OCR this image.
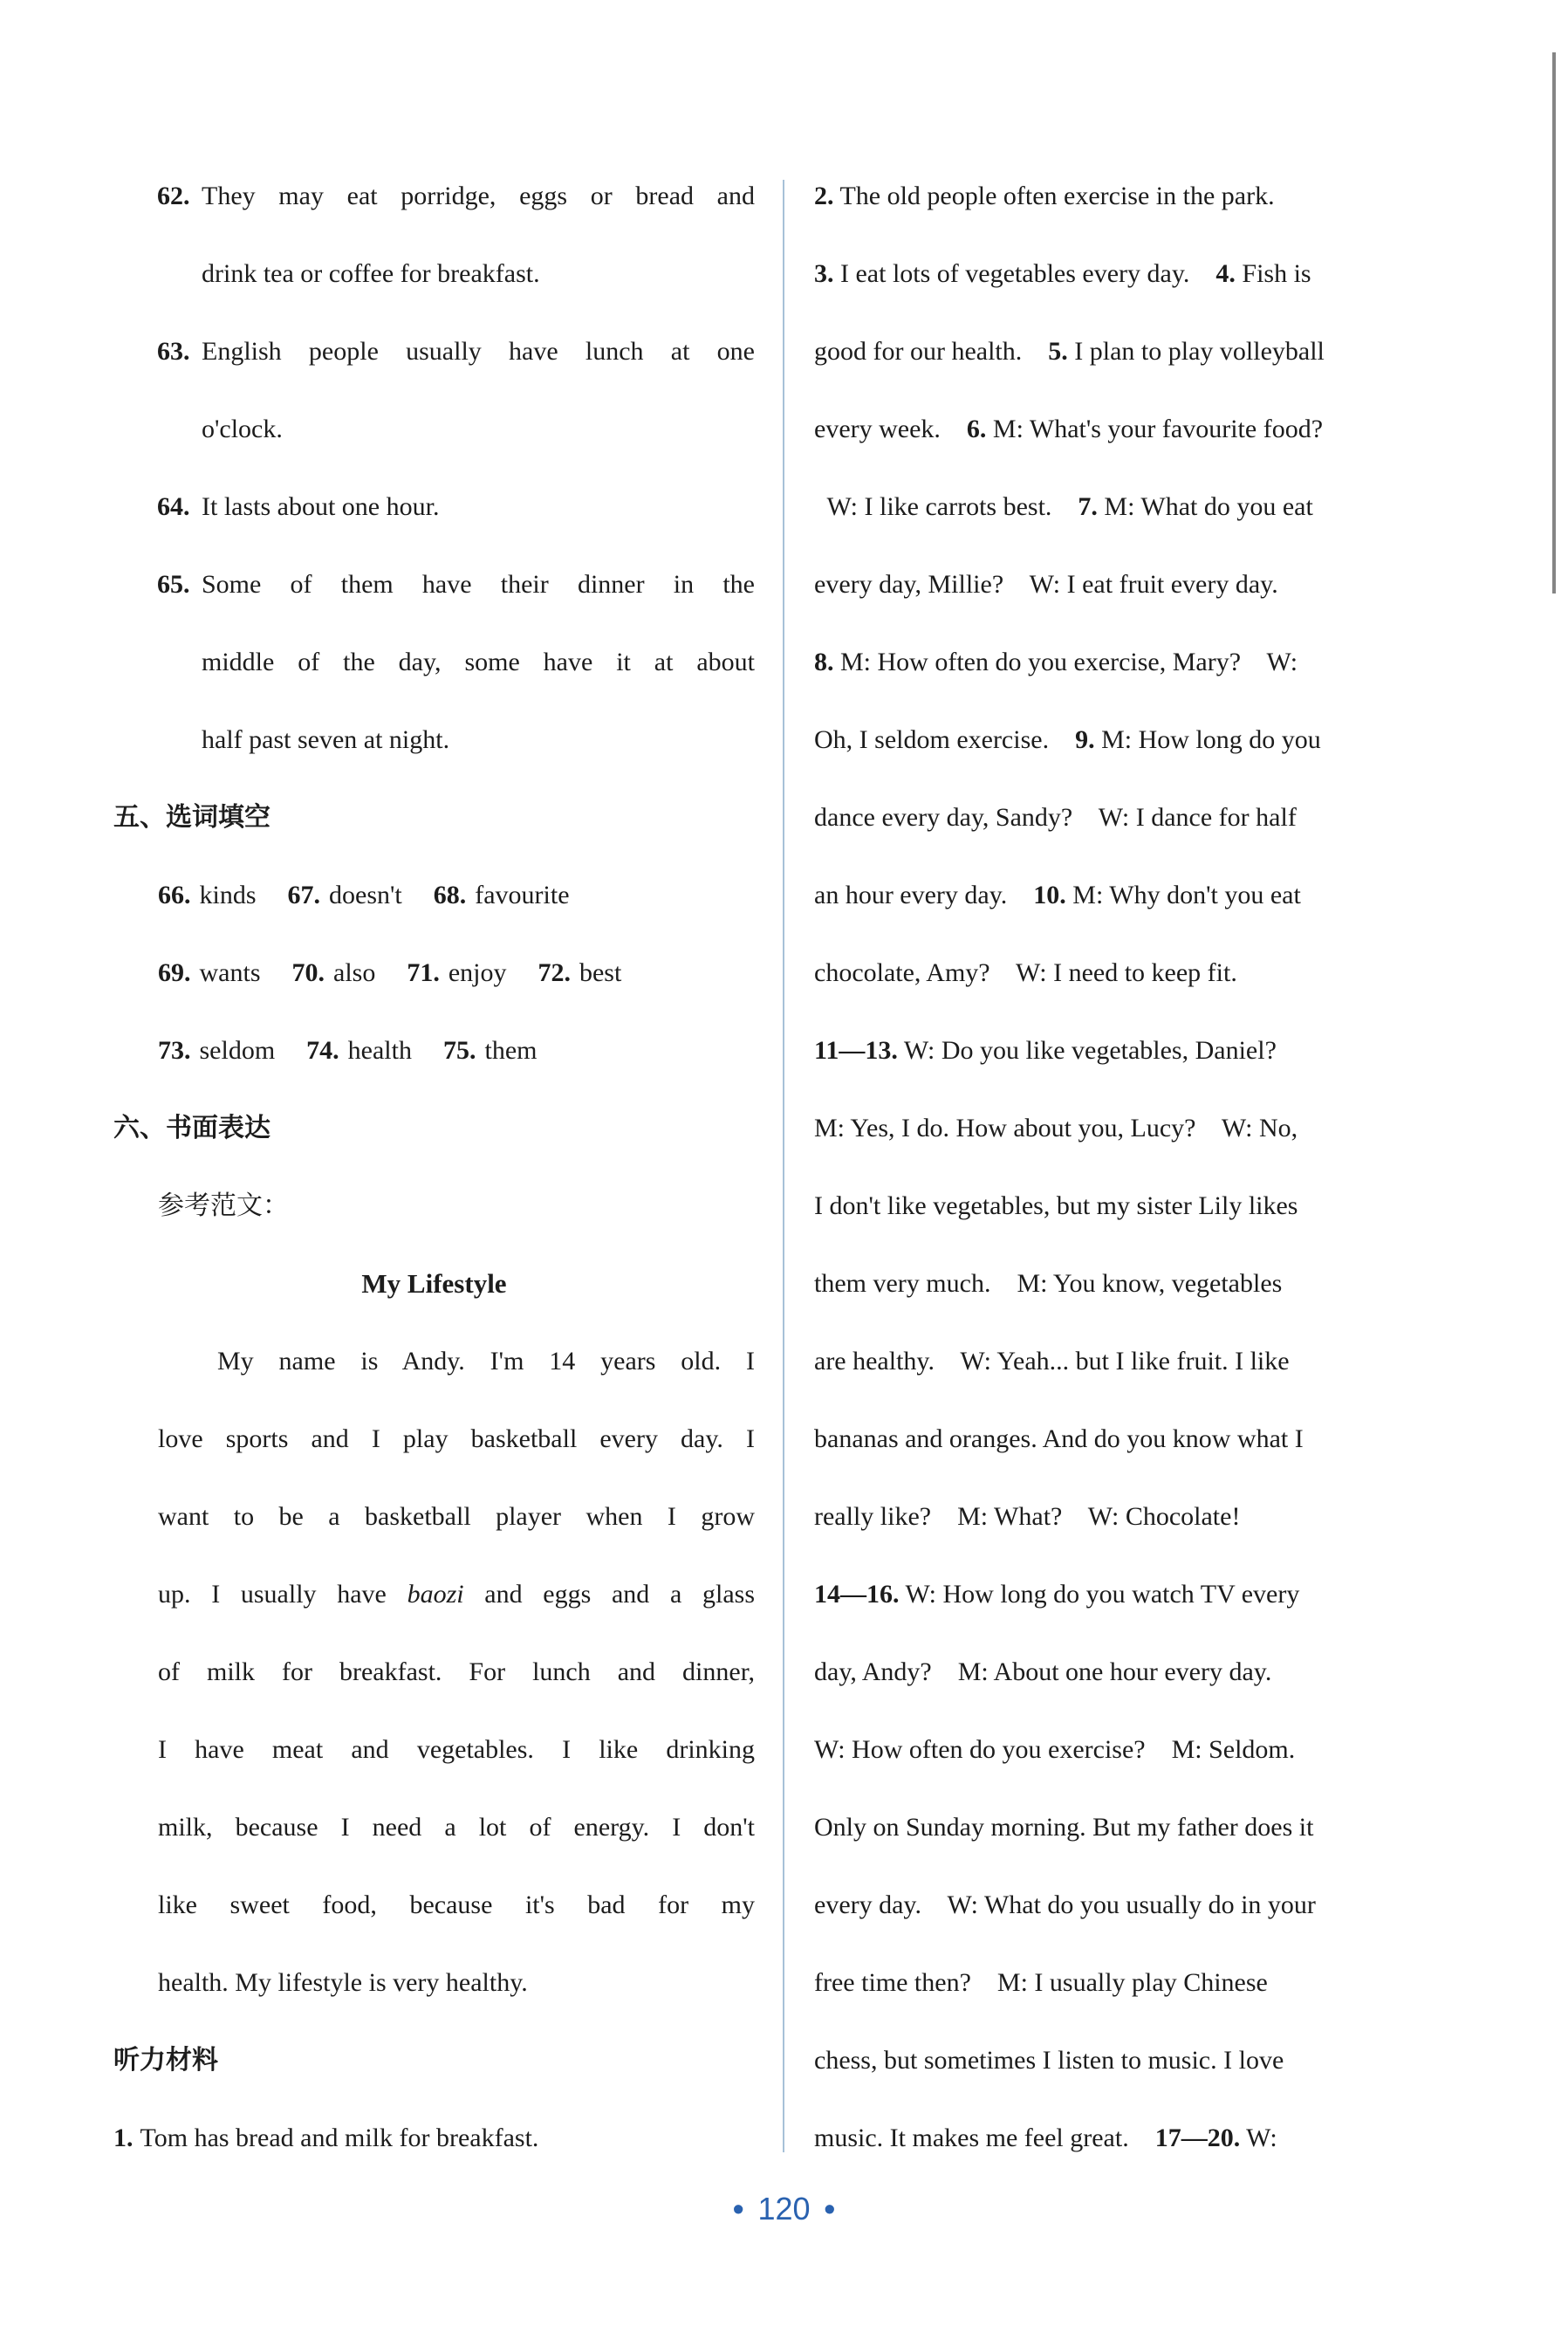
62. They may eat porridge, eggs or bread and
drink tea or coffee for breakfast.
63. English people usually have lunch at one
o'clock.
64. It lasts about one hour.
65. Some of them have their dinner in the
middle of the day, some have it at about
half past seven at night.
五、选词填空
66. kinds 67. doesn't 68. favourite
69. wants 70. also 71. enjoy 72. best
73. seldom 74. health 75. them
六、书面表达
参考范文：
My Lifestyle
My name is Andy. I'm 14 years old. I
love sports and I play basketball every day. I
want to be a basketball player when I grow
up. I usually have baozi and eggs and a glass
of milk for breakfast. For lunch and dinner,
I have meat and vegetables. I like drinking
milk, because I need a lot of energy. I don't
like sweet food, because it's bad for my
health. My lifestyle is very healthy.
听力材料
1. Tom has bread and milk for breakfast.
2. The old people often exercise in the park.
3. I eat lots of vegetables every day.    4. Fish is
good for our health.    5. I plan to play volleyball
every week.    6. M: What's your favourite food?
W: I like carrots best.    7. M: What do you eat
every day, Millie?    W: I eat fruit every day.
8. M: How often do you exercise, Mary?    W:
Oh, I seldom exercise.    9. M: How long do you
dance every day, Sandy?    W: I dance for half
an hour every day.    10. M: Why don't you eat
chocolate, Amy?    W: I need to keep fit.
11—13. W: Do you like vegetables, Daniel?
M: Yes, I do. How about you, Lucy?    W: No,
I don't like vegetables, but my sister Lily likes
them very much.    M: You know, vegetables
are healthy.    W: Yeah... but I like fruit. I like
bananas and oranges. And do you know what I
really like?    M: What?    W: Chocolate!
14—16. W: How long do you watch TV every
day, Andy?    M: About one hour every day.
W: How often do you exercise?    M: Seldom.
Only on Sunday morning. But my father does it
every day.    W: What do you usually do in your
free time then?    M: I usually play Chinese
chess, but sometimes I listen to music. I love
music. It makes me feel great.    17—20. W:
• 120 •
